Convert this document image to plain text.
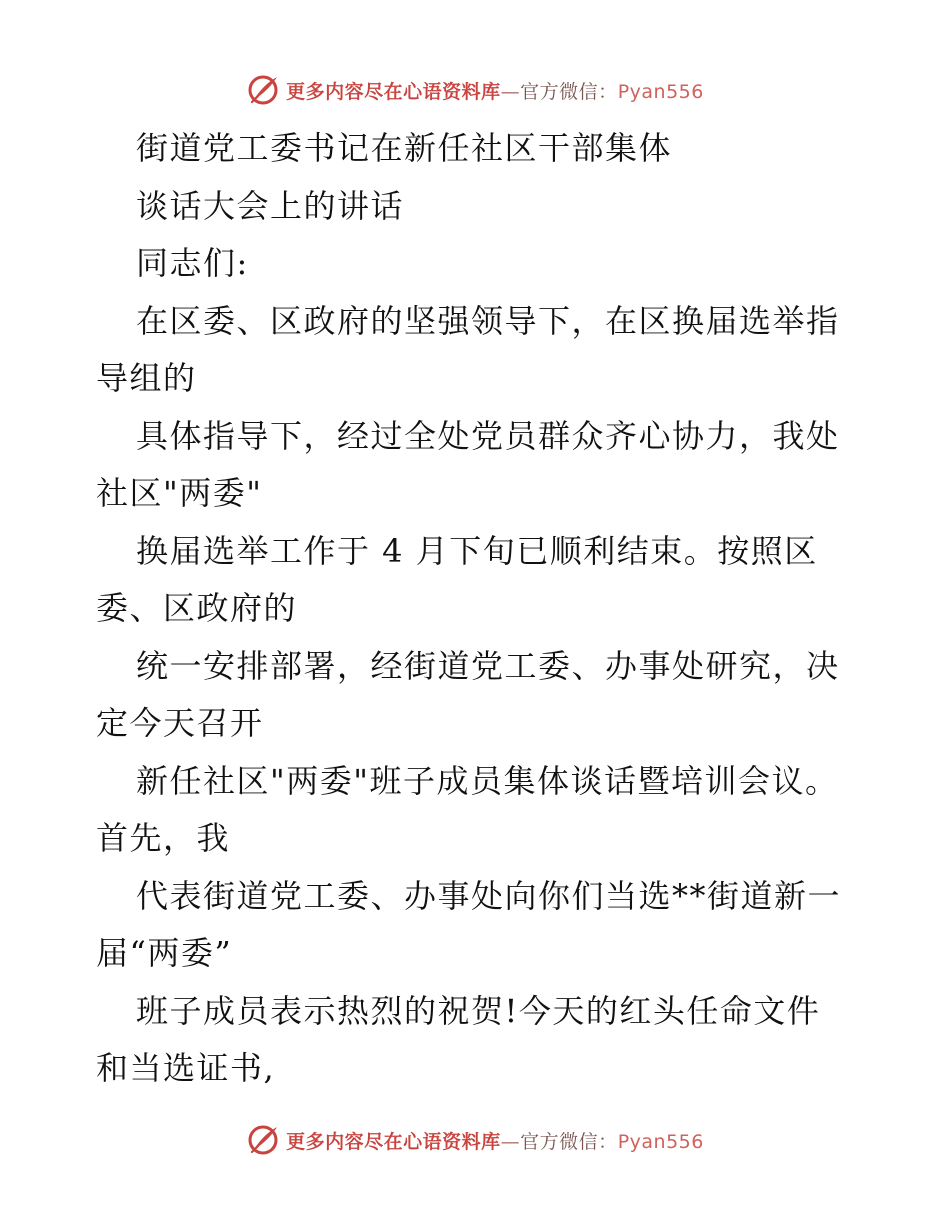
更多内容尽在心语资料库—官方微信：Pyan556
街道党工委书记在新任社区干部集体
谈话大会上的讲话
同志们:
在区委、区政府的坚强领导下，在区换届选举指
导组的
具体指导下，经过全处党员群众齐心协力，我处
社区"两委"
换届选举工作于 4 月下旬已顺利结束。按照区
委、区政府的
统一安排部署，经街道党工委、办事处研究，决
定今天召开
新任社区"两委"班子成员集体谈话暨培训会议。
首先，我
代表街道党工委、办事处向你们当选**街道新一
届“两委”
班子成员表示热烈的祝贺!今天的红头任命文件
和当选证书,
更多内容尽在心语资料库—官方微信：Pyan556
